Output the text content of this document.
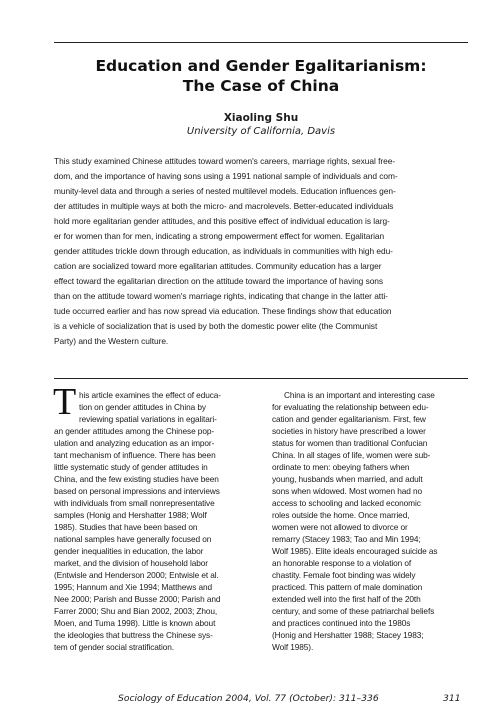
Education and Gender Egalitarianism:
The Case of China
Xiaoling Shu
University of California, Davis
This study examined Chinese attitudes toward women's careers, marriage rights, sexual free-
dom, and the importance of having sons using a 1991 national sample of individuals and com-
munity-level data and through a series of nested multilevel models. Education influences gen-
der attitudes in multiple ways at both the micro- and macrolevels. Better-educated individuals
hold more egalitarian gender attitudes, and this positive effect of individual education is larg-
er for women than for men, indicating a strong empowerment effect for women. Egalitarian
gender attitudes trickle down through education, as individuals in communities with high edu-
cation are socialized toward more egalitarian attitudes. Community education has a larger
effect toward the egalitarian direction on the attitude toward the importance of having sons
than on the attitude toward women's marriage rights, indicating that change in the latter atti-
tude occurred earlier and has now spread via education. These findings show that education
is a vehicle of socialization that is used by both the domestic power elite (the Communist
Party) and the Western culture.
T his article examines the effect of educa-
tion on gender attitudes in China by
reviewing spatial variations in egalitari-
an gender attitudes among the Chinese pop-
ulation and analyzing education as an impor-
tant mechanism of influence. There has been
little systematic study of gender attitudes in
China, and the few existing studies have been
based on personal impressions and interviews
with individuals from small nonrepresentative
samples (Honig and Hershatter 1988; Wolf
1985). Studies that have been based on
national samples have generally focused on
gender inequalities in education, the labor
market, and the division of household labor
(Entwisle and Henderson 2000; Entwisle et al.
1995; Hannum and Xie 1994; Matthews and
Nee 2000; Parish and Busse 2000; Parish and
Farrer 2000; Shu and Bian 2002, 2003; Zhou,
Moen, and Tuma 1998). Little is known about
the ideologies that buttress the Chinese sys-
tem of gender social stratification.
China is an important and interesting case
for evaluating the relationship between edu-
cation and gender egalitarianism. First, few
societies in history have prescribed a lower
status for women than traditional Confucian
China. In all stages of life, women were sub-
ordinate to men: obeying fathers when
young, husbands when married, and adult
sons when widowed. Most women had no
access to schooling and lacked economic
roles outside the home. Once married,
women were not allowed to divorce or
remarry (Stacey 1983; Tao and Min 1994;
Wolf 1985). Elite ideals encouraged suicide as
an honorable response to a violation of
chastity. Female foot binding was widely
practiced. This pattern of male domination
extended well into the first half of the 20th
century, and some of these patriarchal beliefs
and practices continued into the 1980s
(Honig and Hershatter 1988; Stacey 1983;
Wolf 1985).
Sociology of Education 2004, Vol. 77 (October): 311–336	311
